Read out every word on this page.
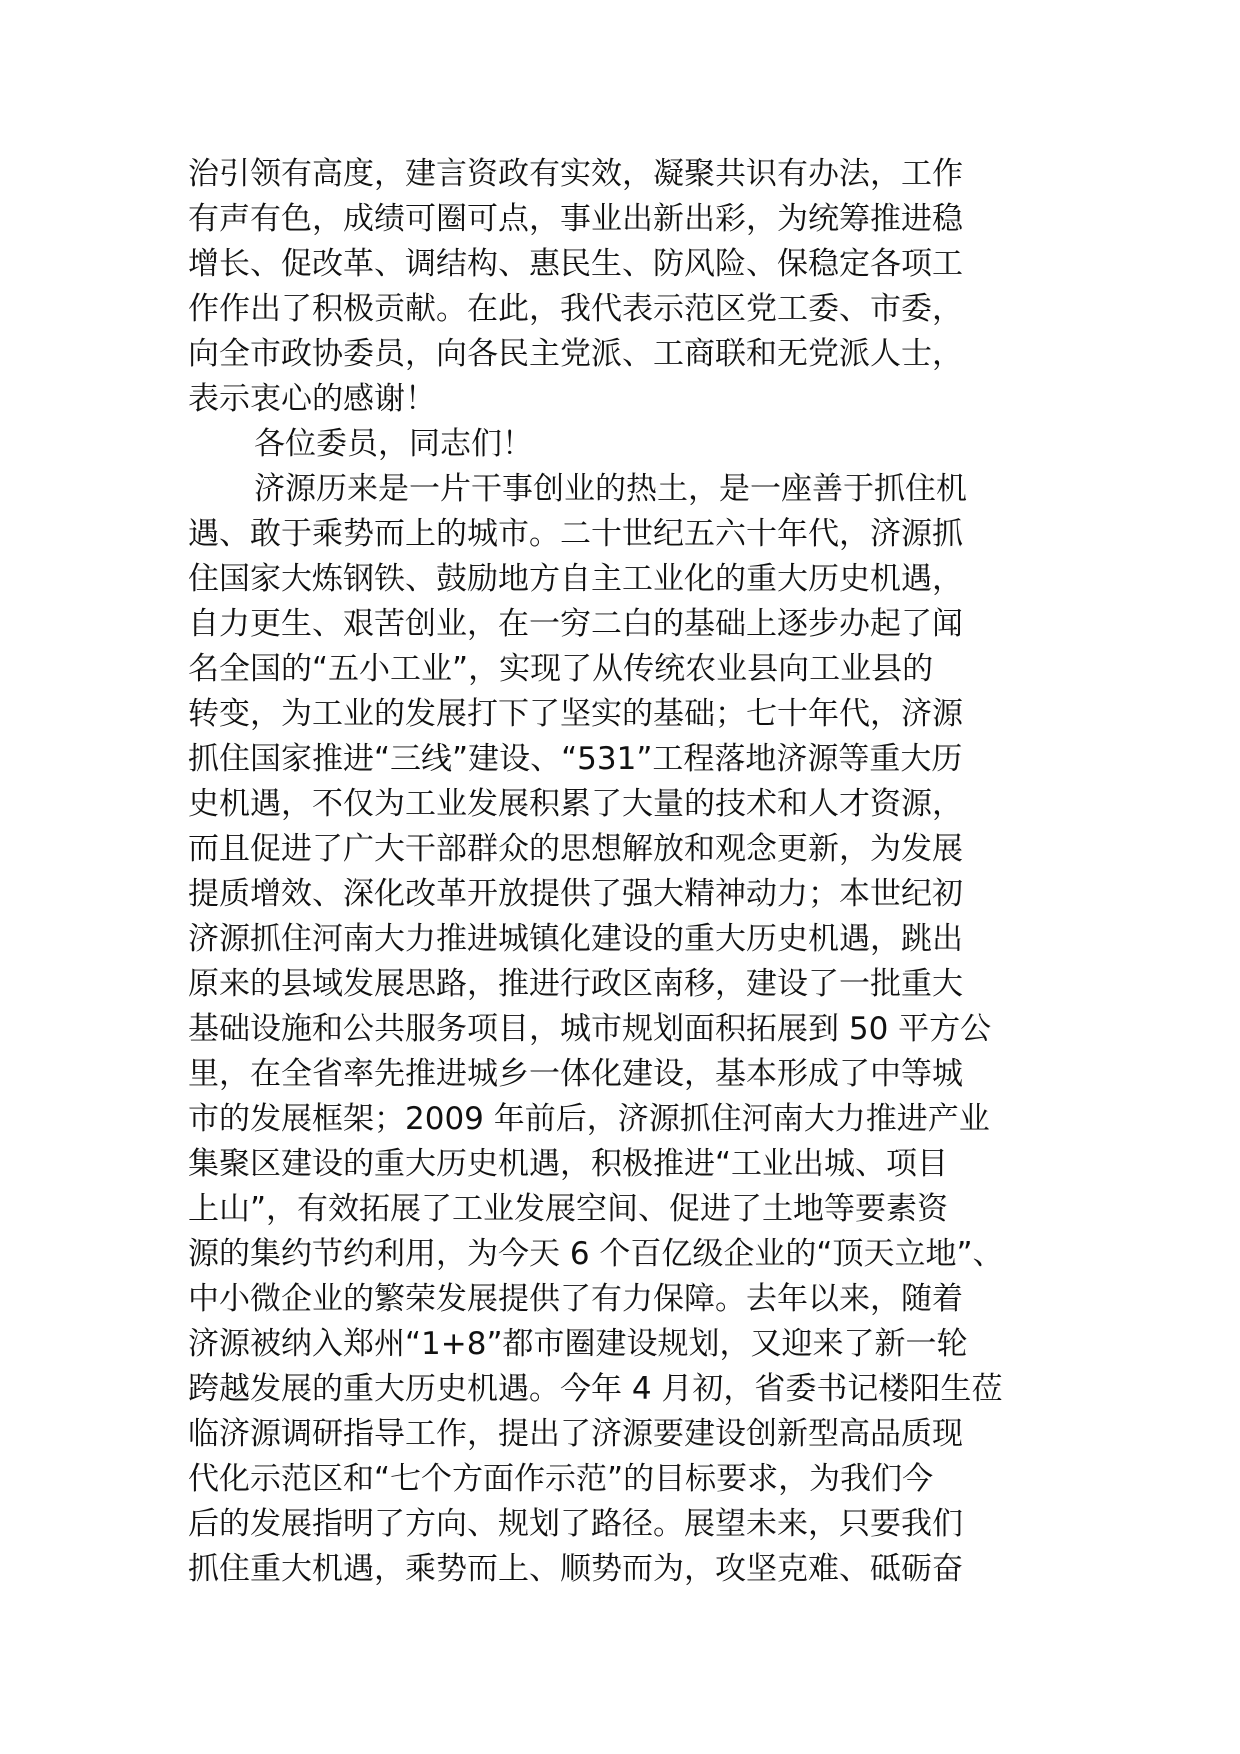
治引领有高度，建言资政有实效，凝聚共识有办法，工作
有声有色，成绩可圈可点，事业出新出彩，为统筹推进稳
增长、促改革、调结构、惠民生、防风险、保稳定各项工
作作出了积极贡献。在此，我代表示范区党工委、市委，
向全市政协委员，向各民主党派、工商联和无党派人士，
表示衷心的感谢！
各位委员，同志们！
济源历来是一片干事创业的热土，是一座善于抓住机
遇、敢于乘势而上的城市。二十世纪五六十年代，济源抓
住国家大炼钢铁、鼓励地方自主工业化的重大历史机遇，
自力更生、艰苦创业，在一穷二白的基础上逐步办起了闻
名全国的“五小工业”，实现了从传统农业县向工业县的
转变，为工业的发展打下了坚实的基础；七十年代，济源
抓住国家推进“三线”建设、“531”工程落地济源等重大历
史机遇，不仅为工业发展积累了大量的技术和人才资源，
而且促进了广大干部群众的思想解放和观念更新，为发展
提质增效、深化改革开放提供了强大精神动力；本世纪初
济源抓住河南大力推进城镇化建设的重大历史机遇，跳出
原来的县域发展思路，推进行政区南移，建设了一批重大
基础设施和公共服务项目，城市规划面积拓展到 50 平方公
里，在全省率先推进城乡一体化建设，基本形成了中等城
市的发展框架；2009 年前后，济源抓住河南大力推进产业
集聚区建设的重大历史机遇，积极推进“工业出城、项目
上山”，有效拓展了工业发展空间、促进了土地等要素资
源的集约节约利用，为今天 6 个百亿级企业的“顶天立地”、
中小微企业的繁荣发展提供了有力保障。去年以来，随着
济源被纳入郑州“1+8”都市圈建设规划，又迎来了新一轮
跨越发展的重大历史机遇。今年 4 月初，省委书记楼阳生莅
临济源调研指导工作，提出了济源要建设创新型高品质现
代化示范区和“七个方面作示范”的目标要求，为我们今
后的发展指明了方向、规划了路径。展望未来，只要我们
抓住重大机遇，乘势而上、顺势而为，攻坚克难、砥砺奋
